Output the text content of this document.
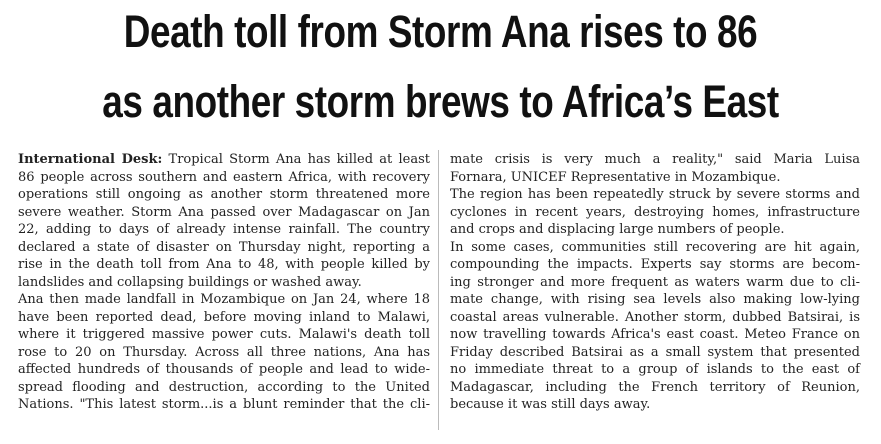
Death toll from Storm Ana rises to 86
as another storm brews to Africa’s East

International Desk: Tropical Storm Ana has killed at least

86 people across southern and eastern Africa, with recovery

operations still ongoing as another storm threatened more

severe weather. Storm Ana passed over Madagascar on Jan

22, adding to days of already intense rainfall. The country

declared a state of disaster on Thursday night, reporting a

rise in the death toll from Ana to 48, with people killed by

landslides and collapsing buildings or washed away.

Ana then made landfall in Mozambique on Jan 24, where 18

have been reported dead, before moving inland to Malawi,

where it triggered massive power cuts. Malawi's death toll

rose to 20 on Thursday. Across all three nations, Ana has

affected hundreds of thousands of people and lead to wide-

spread flooding and destruction, according to the United

Nations. "This latest storm...is a blunt reminder that the cli-

mate crisis is very much a reality," said Maria Luisa

Fornara, UNICEF Representative in Mozambique.

The region has been repeatedly struck by severe storms and

cyclones in recent years, destroying homes, infrastructure

and crops and displacing large numbers of people.

In some cases, communities still recovering are hit again,

compounding the impacts. Experts say storms are becom-

ing stronger and more frequent as waters warm due to cli-

mate change, with rising sea levels also making low-lying

coastal areas vulnerable. Another storm, dubbed Batsirai, is

now travelling towards Africa's east coast. Meteo France on

Friday described Batsirai as a small system that presented

no immediate threat to a group of islands to the east of

Madagascar, including the French territory of Reunion,

because it was still days away.
